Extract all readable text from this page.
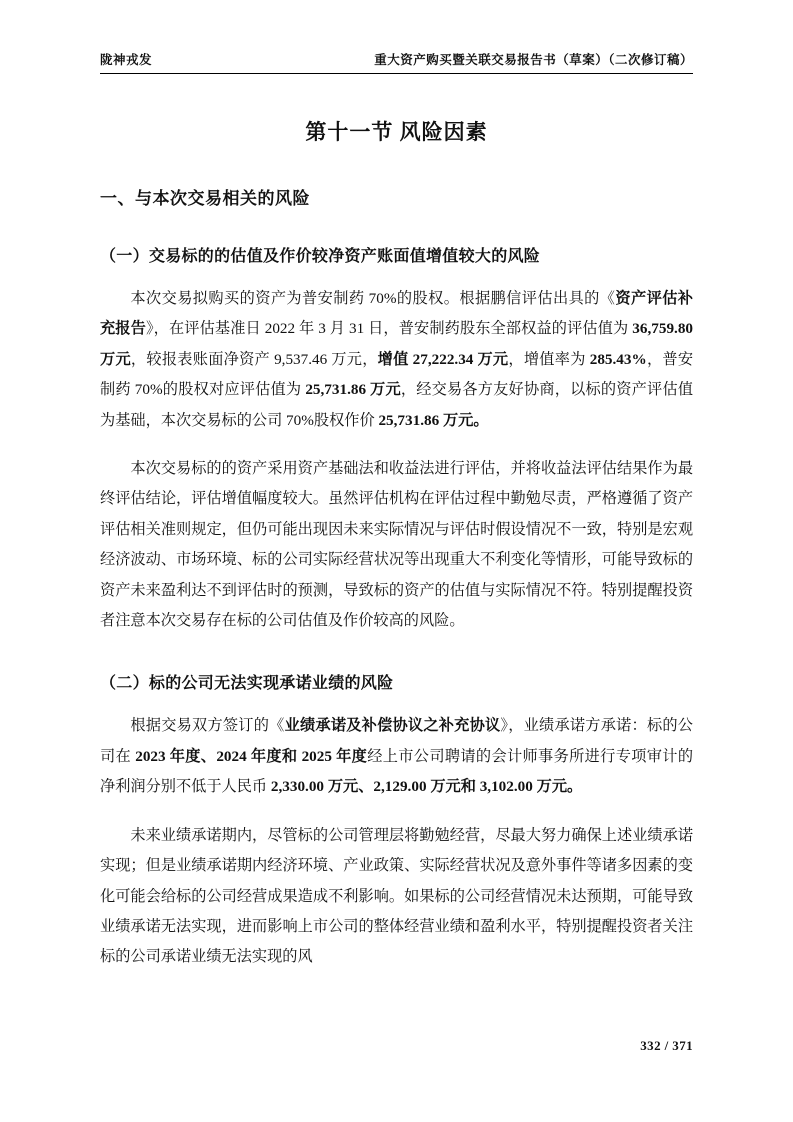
陇神戎发	重大资产购买暨关联交易报告书（草案）（二次修订稿）
第十一节 风险因素
一、与本次交易相关的风险
（一）交易标的的估值及作价较净资产账面值增值较大的风险

本次交易拟购买的资产为普安制药 70%的股权。根据鹏信评估出具的《资产评估补充报告》，在评估基准日 2022 年 3 月 31 日，普安制药股东全部权益的评估值为 36,759.80 万元，较报表账面净资产 9,537.46 万元，增值 27,222.34 万元，增值率为 285.43%，普安制药 70%的股权对应评估值为 25,731.86 万元，经交易各方友好协商，以标的资产评估值为基础，本次交易标的公司 70%股权作价 25,731.86 万元。

本次交易标的的资产采用资产基础法和收益法进行评估，并将收益法评估结果作为最终评估结论，评估增值幅度较大。虽然评估机构在评估过程中勤勉尽责，严格遵循了资产评估相关准则规定，但仍可能出现因未来实际情况与评估时假设情况不一致，特别是宏观经济波动、市场环境、标的公司实际经营状况等出现重大不利变化等情形，可能导致标的资产未来盈利达不到评估时的预测，导致标的资产的估值与实际情况不符。特别提醒投资者注意本次交易存在标的公司估值及作价较高的风险。

（二）标的公司无法实现承诺业绩的风险

根据交易双方签订的《业绩承诺及补偿协议之补充协议》，业绩承诺方承诺：标的公司在 2023 年度、2024 年度和 2025 年度经上市公司聘请的会计师事务所进行专项审计的净利润分别不低于人民币 2,330.00 万元、2,129.00 万元和 3,102.00 万元。

未来业绩承诺期内，尽管标的公司管理层将勤勉经营，尽最大努力确保上述业绩承诺实现；但是业绩承诺期内经济环境、产业政策、实际经营状况及意外事件等诸多因素的变化可能会给标的公司经营成果造成不利影响。如果标的公司经营情况未达预期，可能导致业绩承诺无法实现，进而影响上市公司的整体经营业绩和盈利水平，特别提醒投资者关注标的公司承诺业绩无法实现的风

332 / 371
